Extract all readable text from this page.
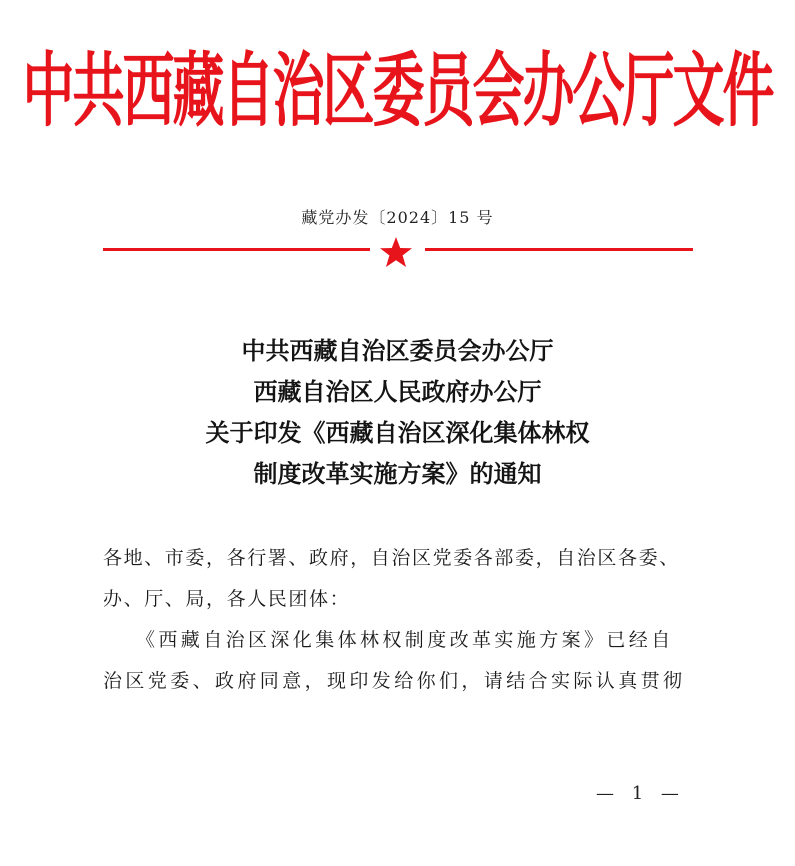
中共西藏自治区委员会办公厅文件
藏党办发〔2024〕15 号
中共西藏自治区委员会办公厅
西藏自治区人民政府办公厅
关于印发《西藏自治区深化集体林权
制度改革实施方案》的通知
各地、市委，各行署、政府，自治区党委各部委，自治区各委、
办、厅、局，各人民团体：
《西藏自治区深化集体林权制度改革实施方案》已经自
治区党委、政府同意，现印发给你们，请结合实际认真贯彻
— 1 —
